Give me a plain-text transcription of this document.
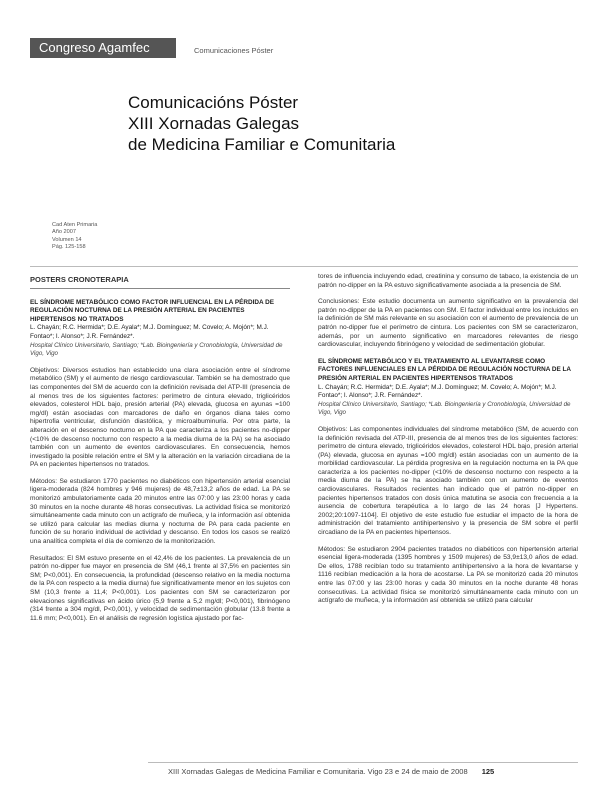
Congreso Agamfec	Comunicaciones Póster
Comunicacións Póster
XIII Xornadas Galegas
de Medicina Familiar e Comunitaria
Cad Aten Primaria
Año 2007
Volumen 14
Pág. 125-158
POSTERS CRONOTERAPIA
EL SÍNDROME METABÓLICO COMO FACTOR INFLUENCIAL EN LA PÉRDIDA DE REGULACIÓN NOCTURNA DE LA PRESIÓN ARTERIAL EN PACIENTES HIPERTENSOS NO TRATADOS
L. Chayán; R.C. Hermida*; D.E. Ayala*; M.J. Domínguez; M. Covelo; A. Mojón*; M.J. Fontao*; I. Alonso*; J.R. Fernández*.
Hospital Clínico Universitario, Santiago; *Lab. Bioingeniería y Cronobiología, Universidad de Vigo, Vigo

Objetivos: Diversos estudios han establecido una clara asociación entre el síndrome metabólico (SM) y el aumento de riesgo cardiovascular. También se ha demostrado que las componentes del SM de acuerdo con la definición revisada del ATP-III (presencia de al menos tres de los siguientes factores: perímetro de cintura elevado, triglicéridos elevados, colesterol HDL bajo, presión arterial (PA) elevada, glucosa en ayunas =100 mg/dl) están asociadas con marcadores de daño en órganos diana tales como hipertrofia ventricular, disfunción diastólica, y microalbuminuria. Por otra parte, la alteración en el descenso nocturno en la PA que caracteriza a los pacientes no-dipper (<10% de descenso nocturno con respecto a la media diurna de la PA) se ha asociado también con un aumento de eventos cardiovasculares. En consecuencia, hemos investigado la posible relación entre el SM y la alteración en la variación circadiana de la PA en pacientes hipertensos no tratados.

Métodos: Se estudiaron 1770 pacientes no diabéticos con hipertensión arterial esencial ligera-moderada (824 hombres y 946 mujeres) de 48,7±13,2 años de edad. La PA se monitorizó ambulatoriamente cada 20 minutos entre las 07:00 y las 23:00 horas y cada 30 minutos en la noche durante 48 horas consecutivas. La actividad física se monitorizó simultáneamente cada minuto con un actígrafo de muñeca, y la información así obtenida se utilizó para calcular las medias diurna y nocturna de PA para cada paciente en función de su horario individual de actividad y descanso. En todos los casos se realizó una analítica completa el día de comienzo de la monitorización.

Resultados: El SM estuvo presente en el 42,4% de los pacientes. La prevalencia de un patrón no-dipper fue mayor en presencia de SM (46,1 frente al 37,5% en pacientes sin SM; P<0,001). En consecuencia, la profundidad (descenso relativo en la media nocturna de la PA con respecto a la media diurna) fue significativamente menor en los sujetos con SM (10,3 frente a 11,4; P<0,001). Los pacientes con SM se caracterizaron por elevaciones significativas en ácido úrico (5,9 frente a 5,2 mg/dl; P<0,001), fibrinógeno (314 frente a 304 mg/dl, P<0,001), y velocidad de sedimentación globular (13.8 frente a 11.6 mm; P<0,001). En el análisis de regresión logística ajustado por fac-

tores de influencia incluyendo edad, creatinina y consumo de tabaco, la existencia de un patrón no-dipper en la PA estuvo significativamente asociada a la presencia de SM.

Conclusiones: Este estudio documenta un aumento significativo en la prevalencia del patrón no-dipper de la PA en pacientes con SM. El factor individual entre los incluidos en la definición de SM más relevante en su asociación con el aumento de prevalencia de un patrón no-dipper fue el perímetro de cintura. Los pacientes con SM se caracterizaron, además, por un aumento significativo en marcadores relevantes de riesgo cardiovascular, incluyendo fibrinógeno y velocidad de sedimentación globular.

EL SÍNDROME METABÓLICO Y EL TRATAMIENTO AL LEVANTARSE COMO FACTORES INFLUENCIALES EN LA PÉRDIDA DE REGULACIÓN NOCTURNA DE LA PRESIÓN ARTERIAL EN PACIENTES HIPERTENSOS TRATADOS
L. Chayán; R.C. Hermida*; D.E. Ayala*; M.J. Domínguez; M. Covelo; A. Mojón*; M.J. Fontao*; I. Alonso*; J.R. Fernández*.
Hospital Clínico Universitario, Santiago; *Lab. Bioingeniería y Cronobiología, Universidad de Vigo, Vigo

Objetivos: Las componentes individuales del síndrome metabólico (SM, de acuerdo con la definición revisada del ATP-III, presencia de al menos tres de los siguientes factores: perímetro de cintura elevado, triglicéridos elevados, colesterol HDL bajo, presión arterial (PA) elevada, glucosa en ayunas =100 mg/dl) están asociadas con un aumento de la morbilidad cardiovascular. La pérdida progresiva en la regulación nocturna en la PA que caracteriza a los pacientes no-dipper (<10% de descenso nocturno con respecto a la media diurna de la PA) se ha asociado también con un aumento de eventos cardiovasculares. Resultados recientes han indicado que el patrón no-dipper en pacientes hipertensos tratados con dosis única matutina se asocia con frecuencia a la ausencia de cobertura terapéutica a lo largo de las 24 horas [J Hypertens. 2002;20:1097-1104]. El objetivo de este estudio fue estudiar el impacto de la hora de administración del tratamiento antihipertensivo y la presencia de SM sobre el perfil circadiano de la PA en pacientes hipertensos.

Métodos: Se estudiaron 2904 pacientes tratados no diabéticos con hipertensión arterial esencial ligera-moderada (1395 hombres y 1509 mujeres) de 53,9±13,0 años de edad. De ellos, 1788 recibían todo su tratamiento antihipertensivo a la hora de levantarse y 1116 recibían medicación a la hora de acostarse. La PA se monitorizó cada 20 minutos entre las 07:00 y las 23:00 horas y cada 30 minutos en la noche durante 48 horas consecutivas. La actividad física se monitorizó simultáneamente cada minuto con un actígrafo de muñeca, y la información así obtenida se utilizó para calcular

XIII Xornadas Galegas de Medicina Familiar e Comunitaria. Vigo 23 e 24 de maio de 2008 125
